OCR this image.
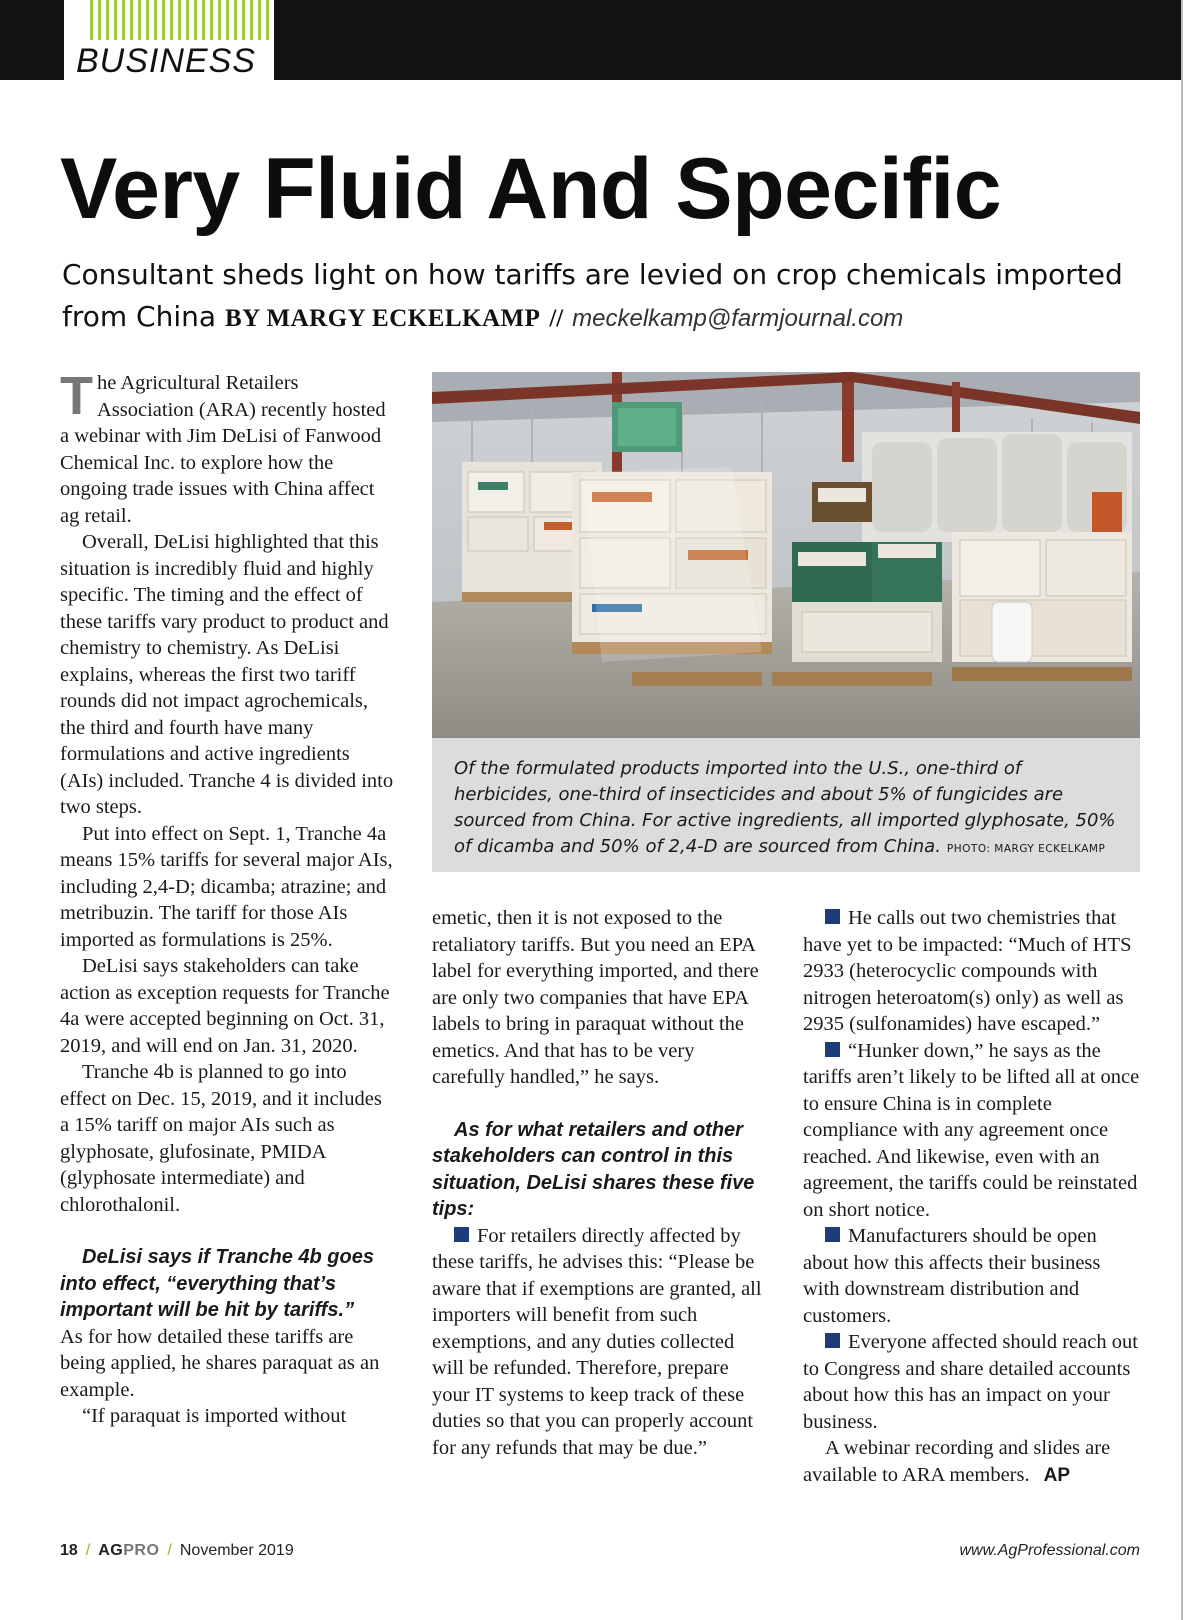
BUSINESS
Very Fluid And Specific
Consultant sheds light on how tariffs are levied on crop chemicals imported from China BY MARGY ECKELKAMP // meckelkamp@farmjournal.com

The Agricultural Retailers Association (ARA) recently hosted a webinar with Jim DeLisi of Fanwood Chemical Inc. to explore how the ongoing trade issues with China affect ag retail.

Overall, DeLisi highlighted that this situation is incredibly fluid and highly specific. The timing and the effect of these tariffs vary product to product and chemistry to chemistry. As DeLisi explains, whereas the first two tariff rounds did not impact agrochemicals, the third and fourth have many formulations and active ingredients (AIs) included. Tranche 4 is divided into two steps.

Put into effect on Sept. 1, Tranche 4a means 15% tariffs for several major AIs, including 2,4-D; dicamba; atrazine; and metribuzin. The tariff for those AIs imported as formulations is 25%.

DeLisi says stakeholders can take action as exception requests for Tranche 4a were accepted beginning on Oct. 31, 2019, and will end on Jan. 31, 2020.

Tranche 4b is planned to go into effect on Dec. 15, 2019, and it includes a 15% tariff on major AIs such as glyphosate, glufosinate, PMIDA (glyphosate intermediate) and chlorothalonil.

DeLisi says if Tranche 4b goes into effect, “everything that’s important will be hit by tariffs.”

As for how detailed these tariffs are being applied, he shares paraquat as an example.

“If paraquat is imported without

Of the formulated products imported into the U.S., one-third of herbicides, one-third of insecticides and about 5% of fungicides are sourced from China. For active ingredients, all imported glyphosate, 50% of dicamba and 50% of 2,4-D are sourced from China. PHOTO: MARGY ECKELKAMP

emetic, then it is not exposed to the retaliatory tariffs. But you need an EPA label for everything imported, and there are only two companies that have EPA labels to bring in paraquat without the emetics. And that has to be very carefully handled,” he says.

As for what retailers and other stakeholders can control in this situation, DeLisi shares these five tips:

For retailers directly affected by these tariffs, he advises this: “Please be aware that if exemptions are granted, all importers will benefit from such exemptions, and any duties collected will be refunded. Therefore, prepare your IT systems to keep track of these duties so that you can properly account for any refunds that may be due.”

He calls out two chemistries that have yet to be impacted: “Much of HTS 2933 (heterocyclic compounds with nitrogen heteroatom(s) only) as well as 2935 (sulfonamides) have escaped.”

“Hunker down,” he says as the tariffs aren’t likely to be lifted all at once to ensure China is in complete compliance with any agreement once reached. And likewise, even with an agreement, the tariffs could be reinstated on short notice.

Manufacturers should be open about how this affects their business with downstream distribution and customers.

Everyone affected should reach out to Congress and share detailed accounts about how this has an impact on your business.

A webinar recording and slides are available to ARA members. AP

18 / AGPRO / November 2019	www.AgProfessional.com
